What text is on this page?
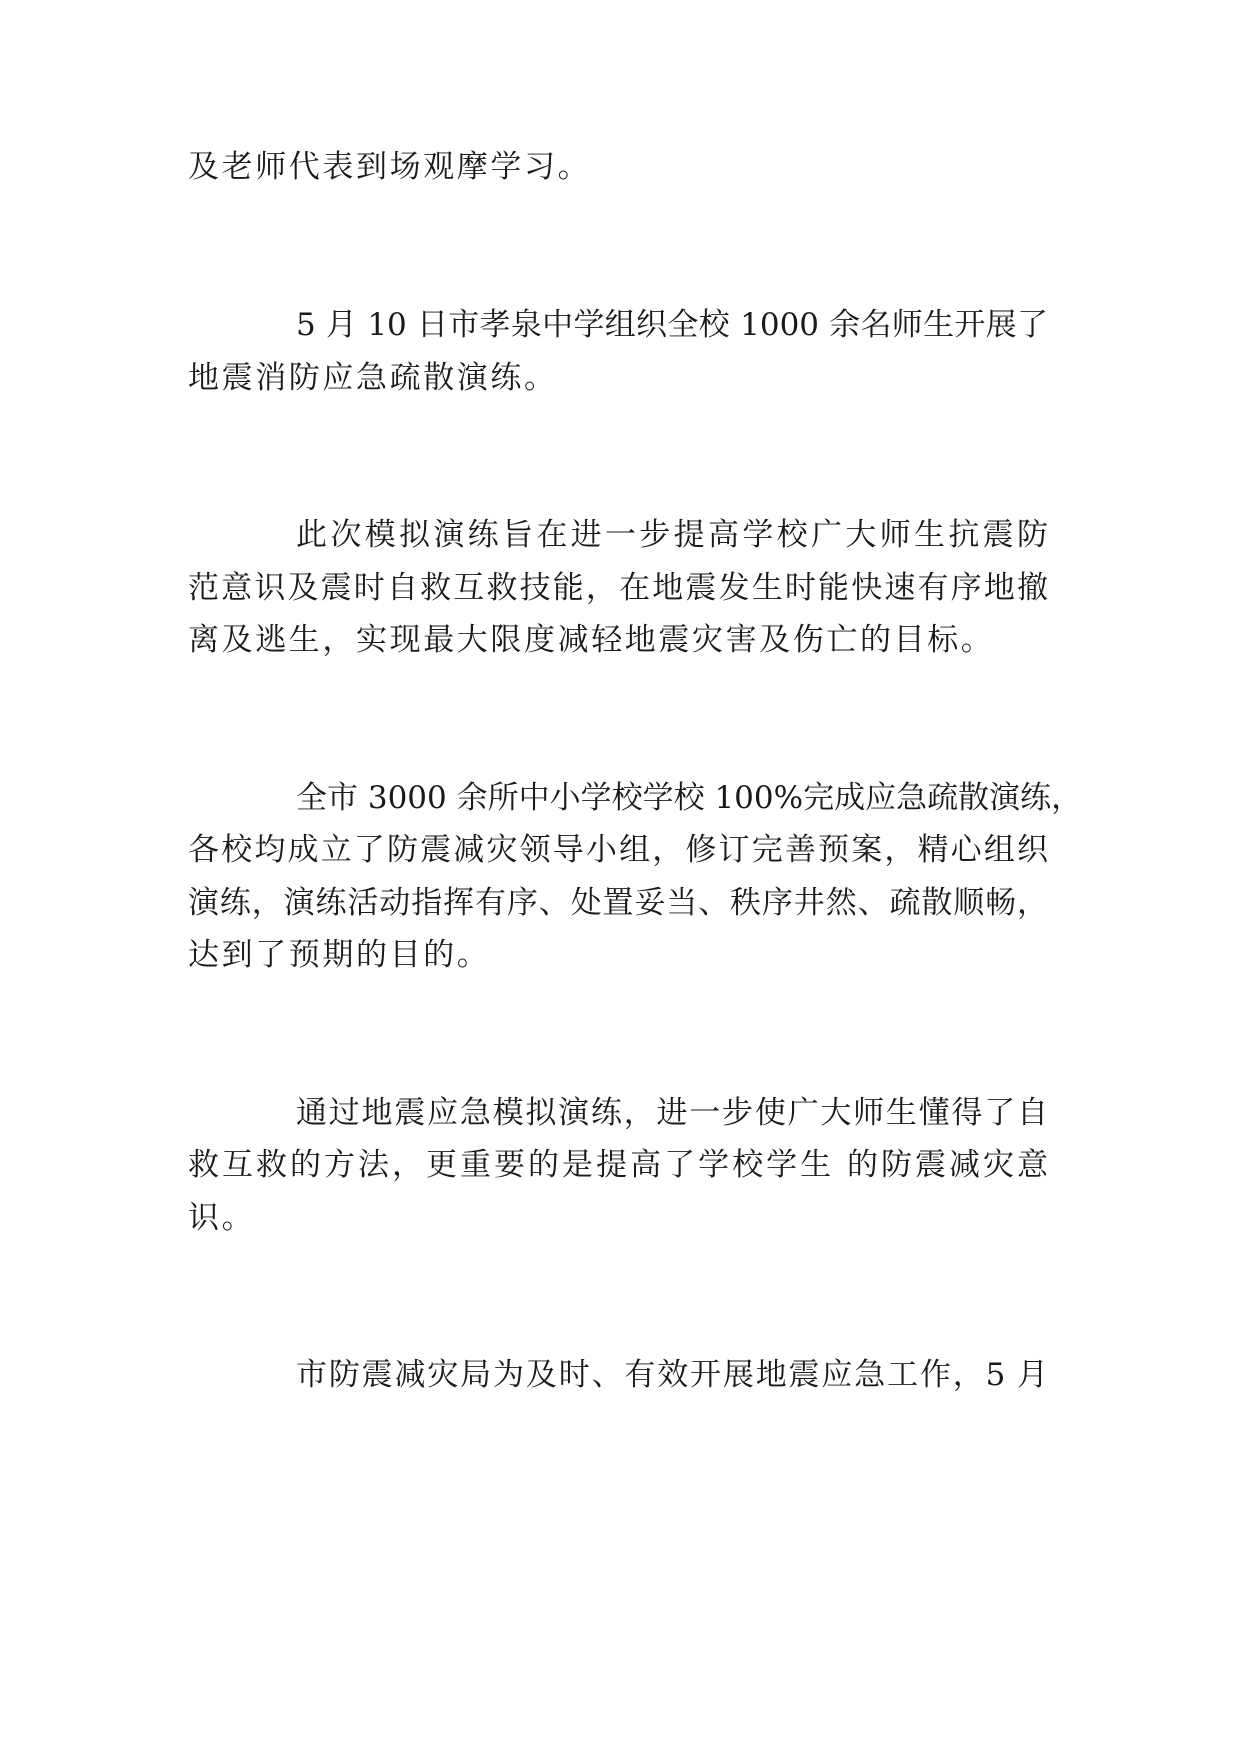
及老师代表到场观摩学习。

5 月 10 日市孝泉中学组织全校 1000 余名师生开展了

地震消防应急疏散演练。

此次模拟演练旨在进一步提高学校广大师生抗震防

范意识及震时自救互救技能，在地震发生时能快速有序地撤

离及逃生，实现最大限度减轻地震灾害及伤亡的目标。

全市 3000 余所中小学校学校 100%完成应急疏散演练，

各校均成立了防震减灾领导小组，修订完善预案，精心组织

演练，演练活动指挥有序、处置妥当、秩序井然、疏散顺畅，

达到了预期的目的。

通过地震应急模拟演练，进一步使广大师生懂得了自

救互救的方法，更重要的是提高了学校学生 的防震减灾意

识。

市防震减灾局为及时、有效开展地震应急工作，5 月
